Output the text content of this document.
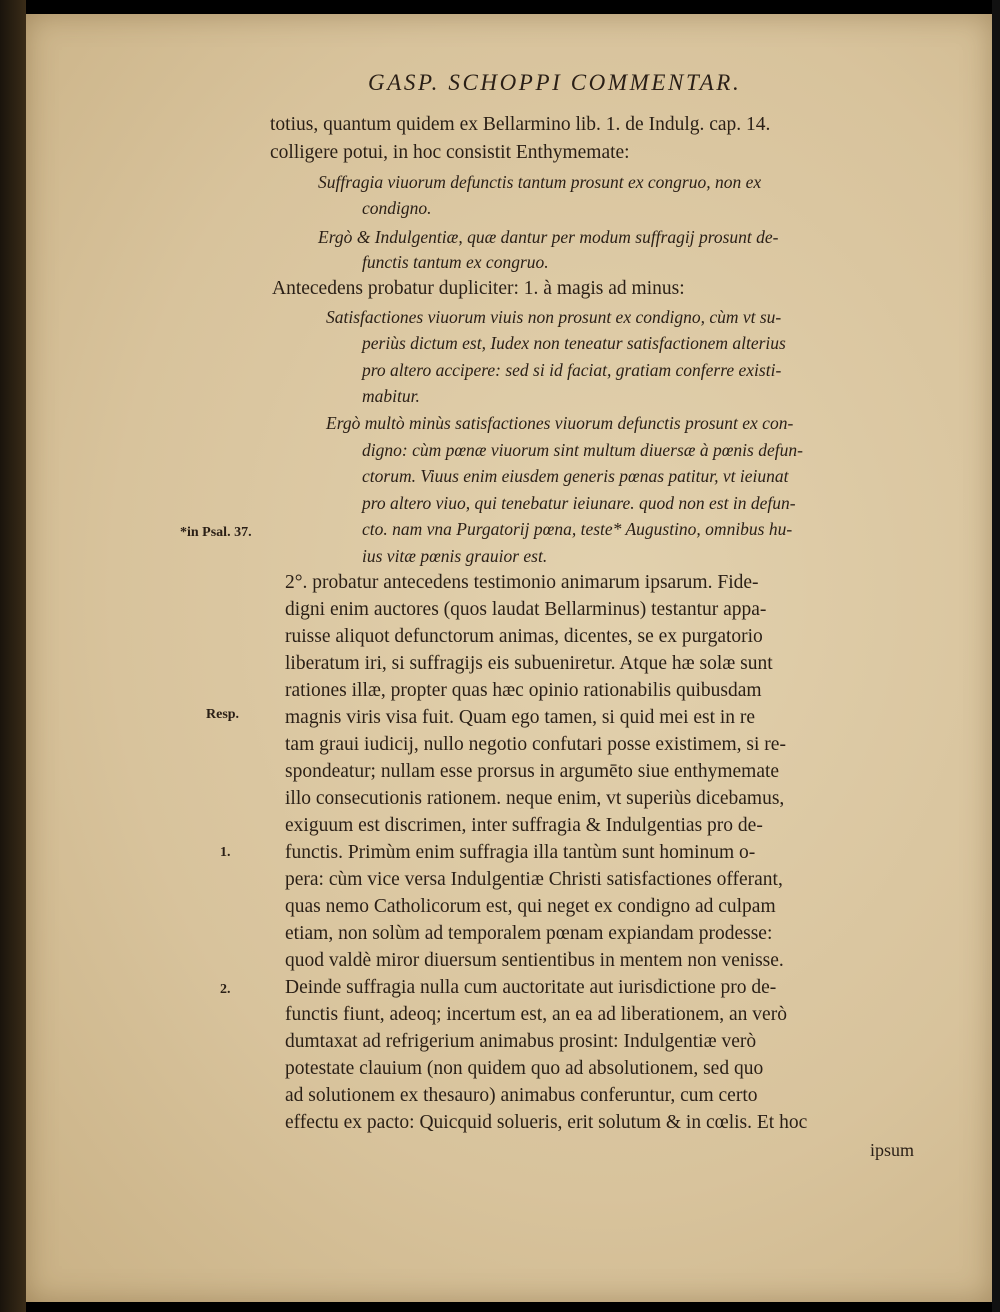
GASP. SCHOPPI COMMENTAR.
totius, quantum quidem ex Bellarmino lib. 1. de Indulg. cap. 14.
colligere potui, in hoc consistit Enthymemate:
Suffragia viuorum defunctis tantum prosunt ex congruo, non ex
condigno.
Ergò & Indulgentiæ, quæ dantur per modum suffragij prosunt de-
functis tantum ex congruo.
Antecedens probatur dupliciter: 1. à magis ad minus:
Satisfactiones viuorum viuis non prosunt ex condigno, cùm vt su-
periùs dictum est, Iudex non teneatur satisfactionem alterius
pro altero accipere: sed si id faciat, gratiam conferre existi-
mabitur.
Ergò multò minùs satisfactiones viuorum defunctis prosunt ex con-
digno: cùm pœnæ viuorum sint multum diuersæ à pœnis defun-
ctorum. Viuus enim eiusdem generis pœnas patitur, vt ieiunat
pro altero viuo, qui tenebatur ieiunare. quod non est in defun-
cto. nam vna Purgatorij pœna, teste* Augustino, omnibus hu-
ius vitæ pœnis grauior est.
2°. probatur antecedens testimonio animarum ipsarum. Fide-
digni enim auctores (quos laudat Bellarminus) testantur appa-
ruisse aliquot defunctorum animas, dicentes, se ex purgatorio
liberatum iri, si suffragijs eis subueniretur. Atque hæ solæ sunt
rationes illæ, propter quas hæc opinio rationabilis quibusdam
magnis viris visa fuit. Quam ego tamen, si quid mei est in re
tam graui iudicij, nullo negotio confutari posse existimem, si re-
spondeatur; nullam esse prorsus in argumēto siue enthymemate
illo consecutionis rationem. neque enim, vt superiùs dicebamus,
exiguum est discrimen, inter suffragia & Indulgentias pro de-
functis. Primùm enim suffragia illa tantùm sunt hominum o-
pera: cùm vice versa Indulgentiæ Christi satisfactiones offerant,
quas nemo Catholicorum est, qui neget ex condigno ad culpam
etiam, non solùm ad temporalem pœnam expiandam prodesse:
quod valdè miror diuersum sentientibus in mentem non venisse.
Deinde suffragia nulla cum auctoritate aut iurisdictione pro de-
functis fiunt, adeoq; incertum est, an ea ad liberationem, an verò
dumtaxat ad refrigerium animabus prosint: Indulgentiæ verò
potestate clauium (non quidem quo ad absolutionem, sed quo
ad solutionem ex thesauro) animabus conferuntur, cum certo
effectu ex pacto: Quicquid solueris, erit solutum & in cœlis. Et hoc
*in Psal. 37.
Resp.
1.
2.
ipsum
